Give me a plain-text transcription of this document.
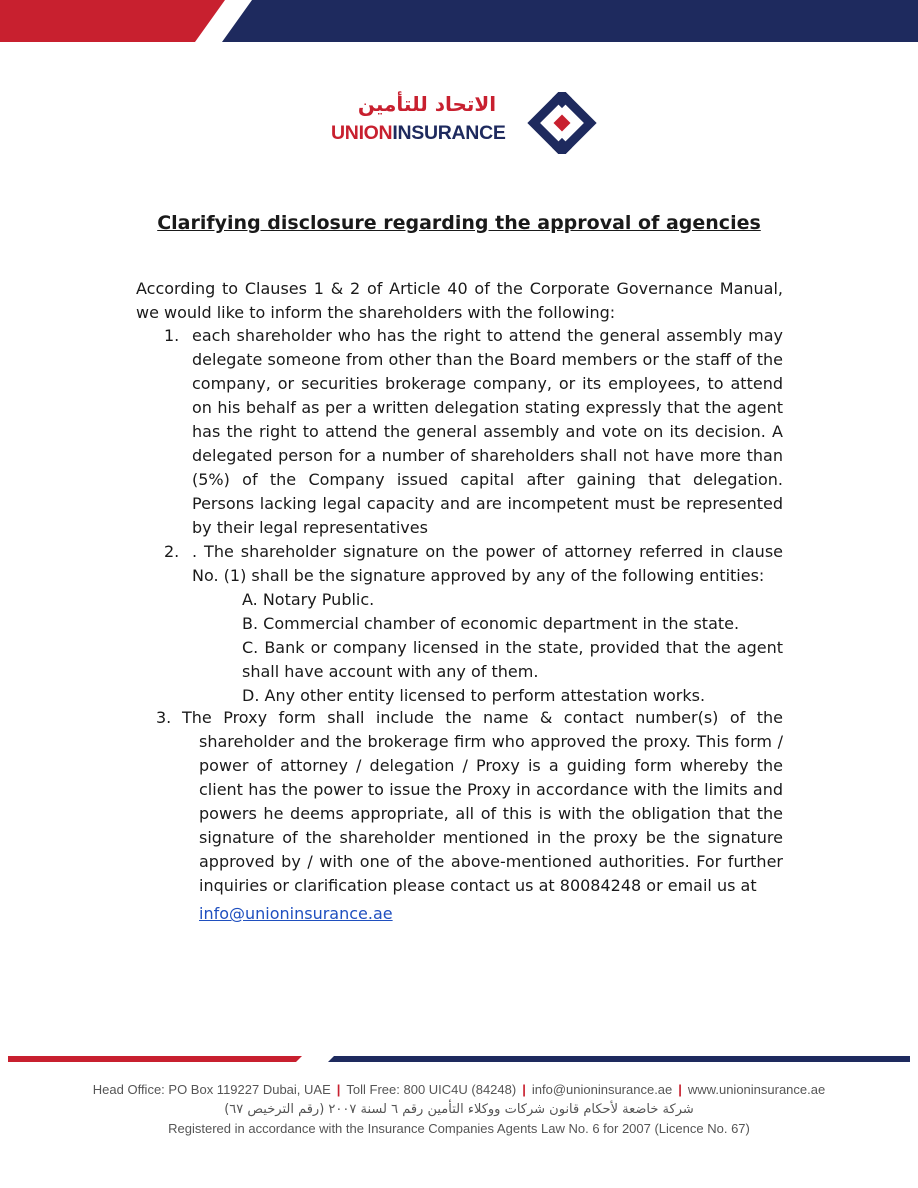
الاتحاد للتأمين
UNIONINSURANCE
Clarifying disclosure regarding the approval of agencies
According to Clauses 1 & 2 of Article 40 of the Corporate Governance Manual, we would like to inform the shareholders with the following:
1. each shareholder who has the right to attend the general assembly may delegate someone from other than the Board members or the staff of the company, or securities brokerage company, or its employees, to attend on his behalf as per a written delegation stating expressly that the agent has the right to attend the general assembly and vote on its decision. A delegated person for a number of shareholders shall not have more than (5%) of the Company issued capital after gaining that delegation. Persons lacking legal capacity and are incompetent must be represented by their legal representatives
2. . The shareholder signature on the power of attorney referred in clause No. (1) shall be the signature approved by any of the following entities:
A. Notary Public.
B. Commercial chamber of economic department in the state.
C. Bank or company licensed in the state, provided that the agent shall have account with any of them.
D. Any other entity licensed to perform attestation works.
3. The Proxy form shall include the name & contact number(s) of the
shareholder and the brokerage firm who approved the proxy. This form / power of attorney / delegation / Proxy is a guiding form whereby the client has the power to issue the Proxy in accordance with the limits and powers he deems appropriate, all of this is with the obligation that the signature of the shareholder mentioned in the proxy be the signature approved by / with one of the above-mentioned authorities. For further inquiries or clarification please contact us at 80084248 or email us at
info@unioninsurance.ae
Head Office: PO Box 119227 Dubai, UAE | Toll Free: 800 UIC4U (84248) | info@unioninsurance.ae | www.unioninsurance.ae
شركة خاضعة لأحكام قانون شركات ووكلاء التأمين رقم ٦ لسنة ٢٠٠٧ (رقم الترخيص ٦٧)
Registered in accordance with the Insurance Companies Agents Law No. 6 for 2007 (Licence No. 67)
